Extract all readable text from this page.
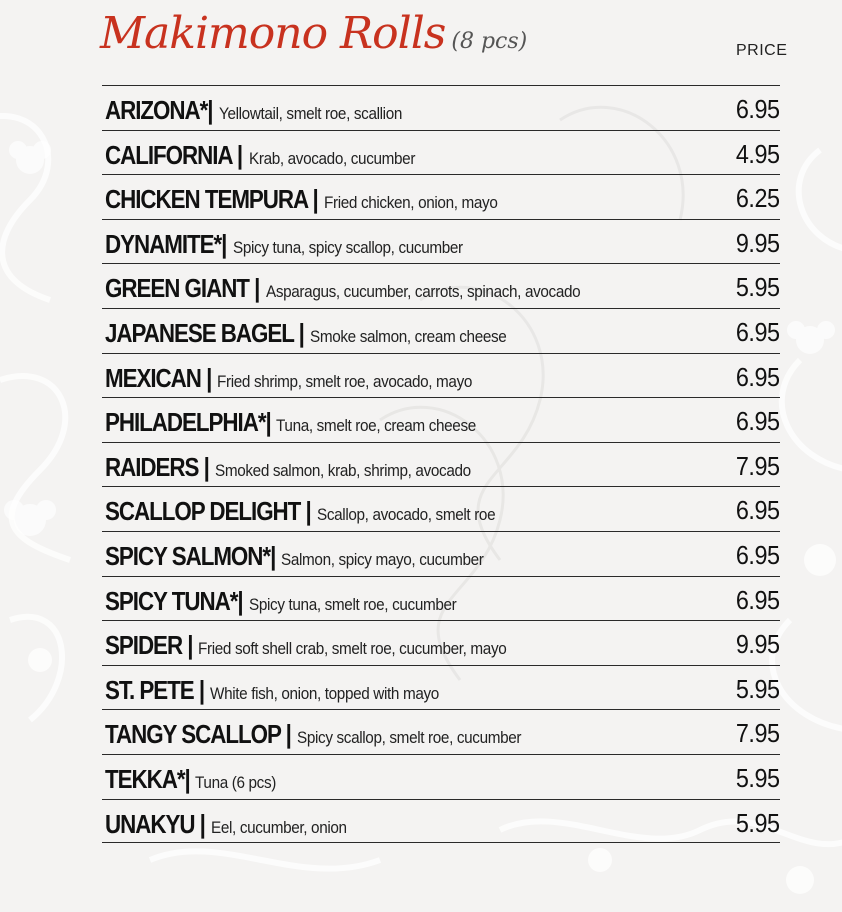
Makimono Rolls (8 pcs)	PRICE
ARIZONA*| Yellowtail, smelt roe, scallion	6.95
CALIFORNIA | Krab, avocado, cucumber	4.95
CHICKEN TEMPURA | Fried chicken, onion, mayo	6.25
DYNAMITE*| Spicy tuna, spicy scallop, cucumber	9.95
GREEN GIANT | Asparagus, cucumber, carrots, spinach, avocado	5.95
JAPANESE BAGEL | Smoke salmon, cream cheese	6.95
MEXICAN | Fried shrimp, smelt roe, avocado, mayo	6.95
PHILADELPHIA*| Tuna, smelt roe, cream cheese	6.95
RAIDERS | Smoked salmon, krab, shrimp, avocado	7.95
SCALLOP DELIGHT | Scallop, avocado, smelt roe	6.95
SPICY SALMON*| Salmon, spicy mayo, cucumber	6.95
SPICY TUNA*| Spicy tuna, smelt roe, cucumber	6.95
SPIDER | Fried soft shell crab, smelt roe, cucumber, mayo	9.95
ST. PETE | White fish, onion, topped with mayo	5.95
TANGY SCALLOP | Spicy scallop, smelt roe, cucumber	7.95
TEKKA*| Tuna (6 pcs)	5.95
UNAKYU | Eel, cucumber, onion	5.95
